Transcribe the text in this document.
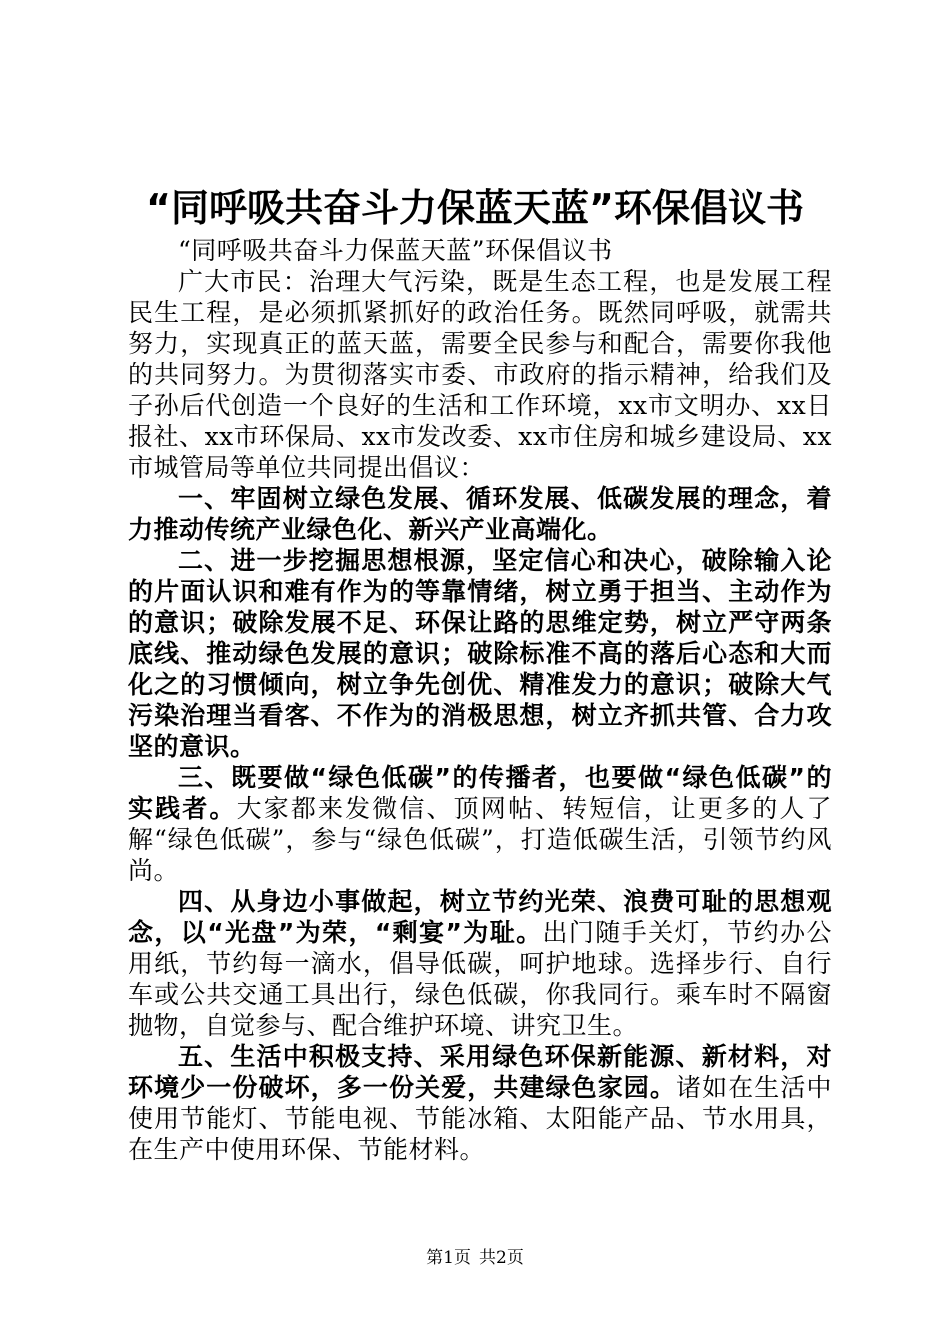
“同呼吸共奋斗力保蓝天蓝”环保倡议书

“同呼吸共奋斗力保蓝天蓝”环保倡议书

广大市民：治理大气污染，既是生态工程，也是发展工程民生工程，是必须抓紧抓好的政治任务。既然同呼吸，就需共努力，实现真正的蓝天蓝，需要全民参与和配合，需要你我他的共同努力。为贯彻落实市委、市政府的指示精神，给我们及子孙后代创造一个良好的生活和工作环境，xx市文明办、xx日报社、xx市环保局、xx市发改委、xx市住房和城乡建设局、xx市城管局等单位共同提出倡议：

一、牢固树立绿色发展、循环发展、低碳发展的理念，着力推动传统产业绿色化、新兴产业高端化。

二、进一步挖掘思想根源，坚定信心和决心，破除输入论的片面认识和难有作为的等靠情绪，树立勇于担当、主动作为的意识；破除发展不足、环保让路的思维定势，树立严守两条底线、推动绿色发展的意识；破除标准不高的落后心态和大而化之的习惯倾向，树立争先创优、精准发力的意识；破除大气污染治理当看客、不作为的消极思想，树立齐抓共管、合力攻坚的意识。

三、既要做“绿色低碳”的传播者，也要做“绿色低碳”的实践者。大家都来发微信、顶网帖、转短信，让更多的人了解“绿色低碳”，参与“绿色低碳”，打造低碳生活，引领节约风尚。

四、从身边小事做起，树立节约光荣、浪费可耻的思想观念，以“光盘”为荣，“剩宴”为耻。出门随手关灯，节约办公用纸，节约每一滴水，倡导低碳，呵护地球。选择步行、自行车或公共交通工具出行，绿色低碳，你我同行。乘车时不隔窗抛物，自觉参与、配合维护环境、讲究卫生。

五、生活中积极支持、采用绿色环保新能源、新材料，对环境少一份破坏，多一份关爱，共建绿色家园。诸如在生活中使用节能灯、节能电视、节能冰箱、太阳能产品、节水用具，在生产中使用环保、节能材料。

第1页 共2页
